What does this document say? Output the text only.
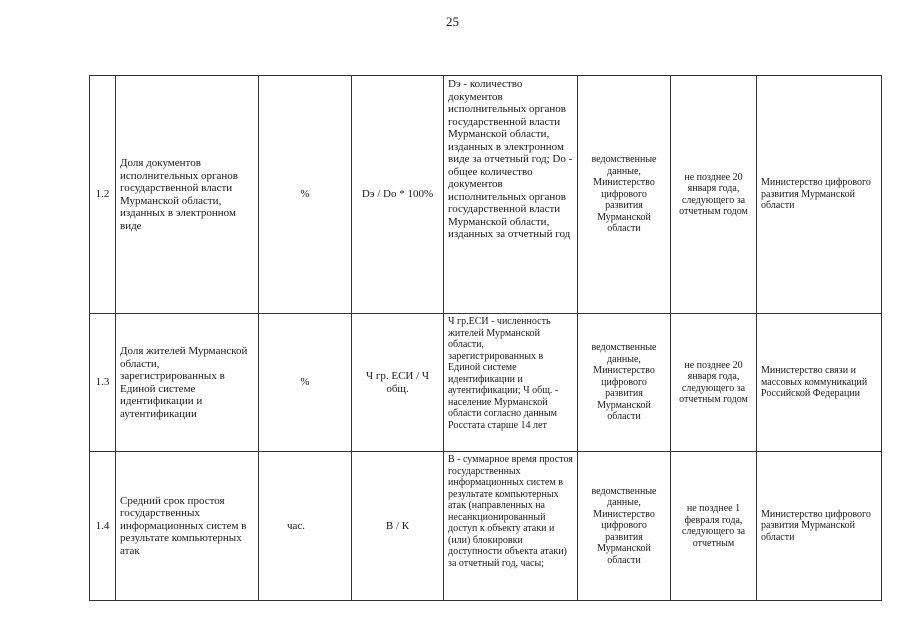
25
1.2	Доля документов исполнительных органов государственной власти Мурманской области, изданных в электронном виде	%	Dэ / Do * 100%	Dэ - количество документов исполнительных органов государственной власти Мурманской области, изданных в электронном виде за отчетный год; Do - общее количество документов исполнительных органов государственной власти Мурманской области, изданных за отчетный год	ведомственные данные, Министерство цифрового развития Мурманской области	не позднее 20 января года, следующего за отчетным годом	Министерство цифрового развития Мурманской области
1.3	Доля жителей Мурманской области, зарегистрированных в Единой системе идентификации и аутентификации	%	Ч гр. ЕСИ / Ч общ.	Ч гр.ЕСИ - численность жителей Мурманской области, зарегистрированных в Единой системе идентификации и аутентификации; Ч общ. - население Мурманской области согласно данным Росстата старше 14 лет	ведомственные данные, Министерство цифрового развития Мурманской области	не позднее 20 января года, следующего за отчетным годом	Министерство связи и массовых коммуникаций Российской Федерации
1.4	Средний срок простоя государственных информационных систем в результате компьютерных атак	час.	В / К	В - суммарное время простоя государственных информационных систем в результате компьютерных атак (направленных на несанкционированный доступ к объекту атаки и (или) блокировки доступности объекта атаки) за отчетный год, часы;	ведомственные данные, Министерство цифрового развития Мурманской области	не позднее 1 февраля года, следующего за отчетным	Министерство цифрового развития Мурманской области
